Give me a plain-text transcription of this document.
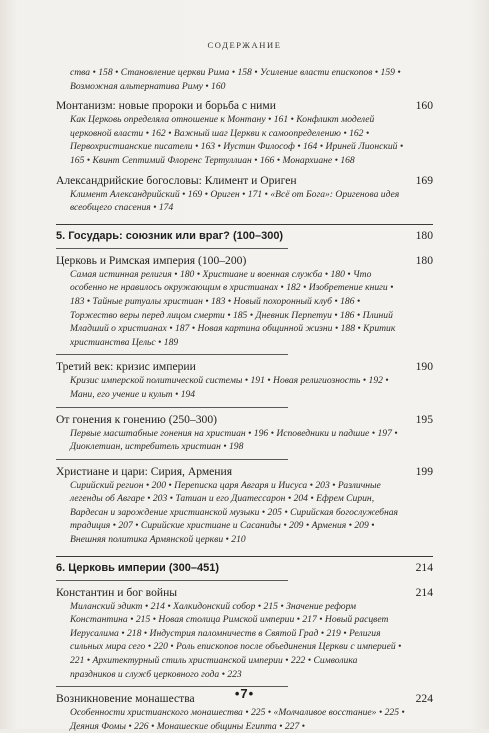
СОДЕРЖАНИЕ
ства • 158 • Становление церкви Рима • 158 • Усиление власти епископов • 159 • Возможная альтернатива Риму • 160
Монтанизм: новые пророки и борьба с ними	160
Как Церковь определяла отношение к Монтану • 161 • Конфликт моделей церковной власти • 162 • Важный шаг Церкви к самоопределению • 162 • Первохристианские писатели • 163 • Иустин Философ • 164 • Ириней Лионский • 165 • Квинт Септимий Флоренс Тертуллиан • 166 • Монархиане • 168
Александрийские богословы: Климент и Ориген	169
Климент Александрийский • 169 • Ориген • 171 • «Всё от Бога»: Оригенова идея всеобщего спасения • 174
5. Государь: союзник или враг? (100–300)	180
Церковь и Римская империя (100–200)	180
Самая истинная религия • 180 • Христиане и военная служба • 180 • Что особенно не нравилось окружающим в христианах • 182 • Изобретение книги • 183 • Тайные ритуалы христиан • 183 • Новый похоронный клуб • 186 • Торжество веры перед лицом смерти • 185 • Дневник Перпетуи • 186 • Плиний Младший о христианах • 187 • Новая картина общинной жизни • 188 • Критик христианства Цельс • 189
Третий век: кризис империи	190
Кризис имперской политической системы • 191 • Новая религиозность • 192 • Мани, его учение и культ • 194
От гонения к гонению (250–300)	195
Первые масштабные гонения на христиан • 196 • Исповедники и падшие • 197 • Диоклетиан, истребитель христиан • 198
Христиане и цари: Сирия, Армения	199
Сирийский регион • 200 • Переписка царя Авгаря и Иисуса • 203 • Различные легенды об Авгаре • 203 • Татиан и его Диатессарон • 204 • Ефрем Сирин, Вардесан и зарождение христианской музыки • 205 • Сирийская богослужебная традиция • 207 • Сирийские христиане и Сасаниды • 209 • Армения • 209 • Внешняя политика Армянской церкви • 210
6. Церковь империи (300–451)	214
Константин и бог войны	214
Миланский эдикт • 214 • Халкидонский собор • 215 • Значение реформ Константина • 215 • Новая столица Римской империи • 217 • Новый расцвет Иерусалима • 218 • Индустрия паломничеств в Святой Град • 219 • Религия сильных мира сего • 220 • Роль епископов после объединения Церкви с империей • 221 • Архитектурный стиль христианской империи • 222 • Символика праздников и служб церковного года • 223
Возникновение монашества	224
Особенности христианского монашества • 225 • «Молчаливое восстание» • 225 • Деяния Фомы • 226 • Монашеские общины Египта • 227 •
•7•
